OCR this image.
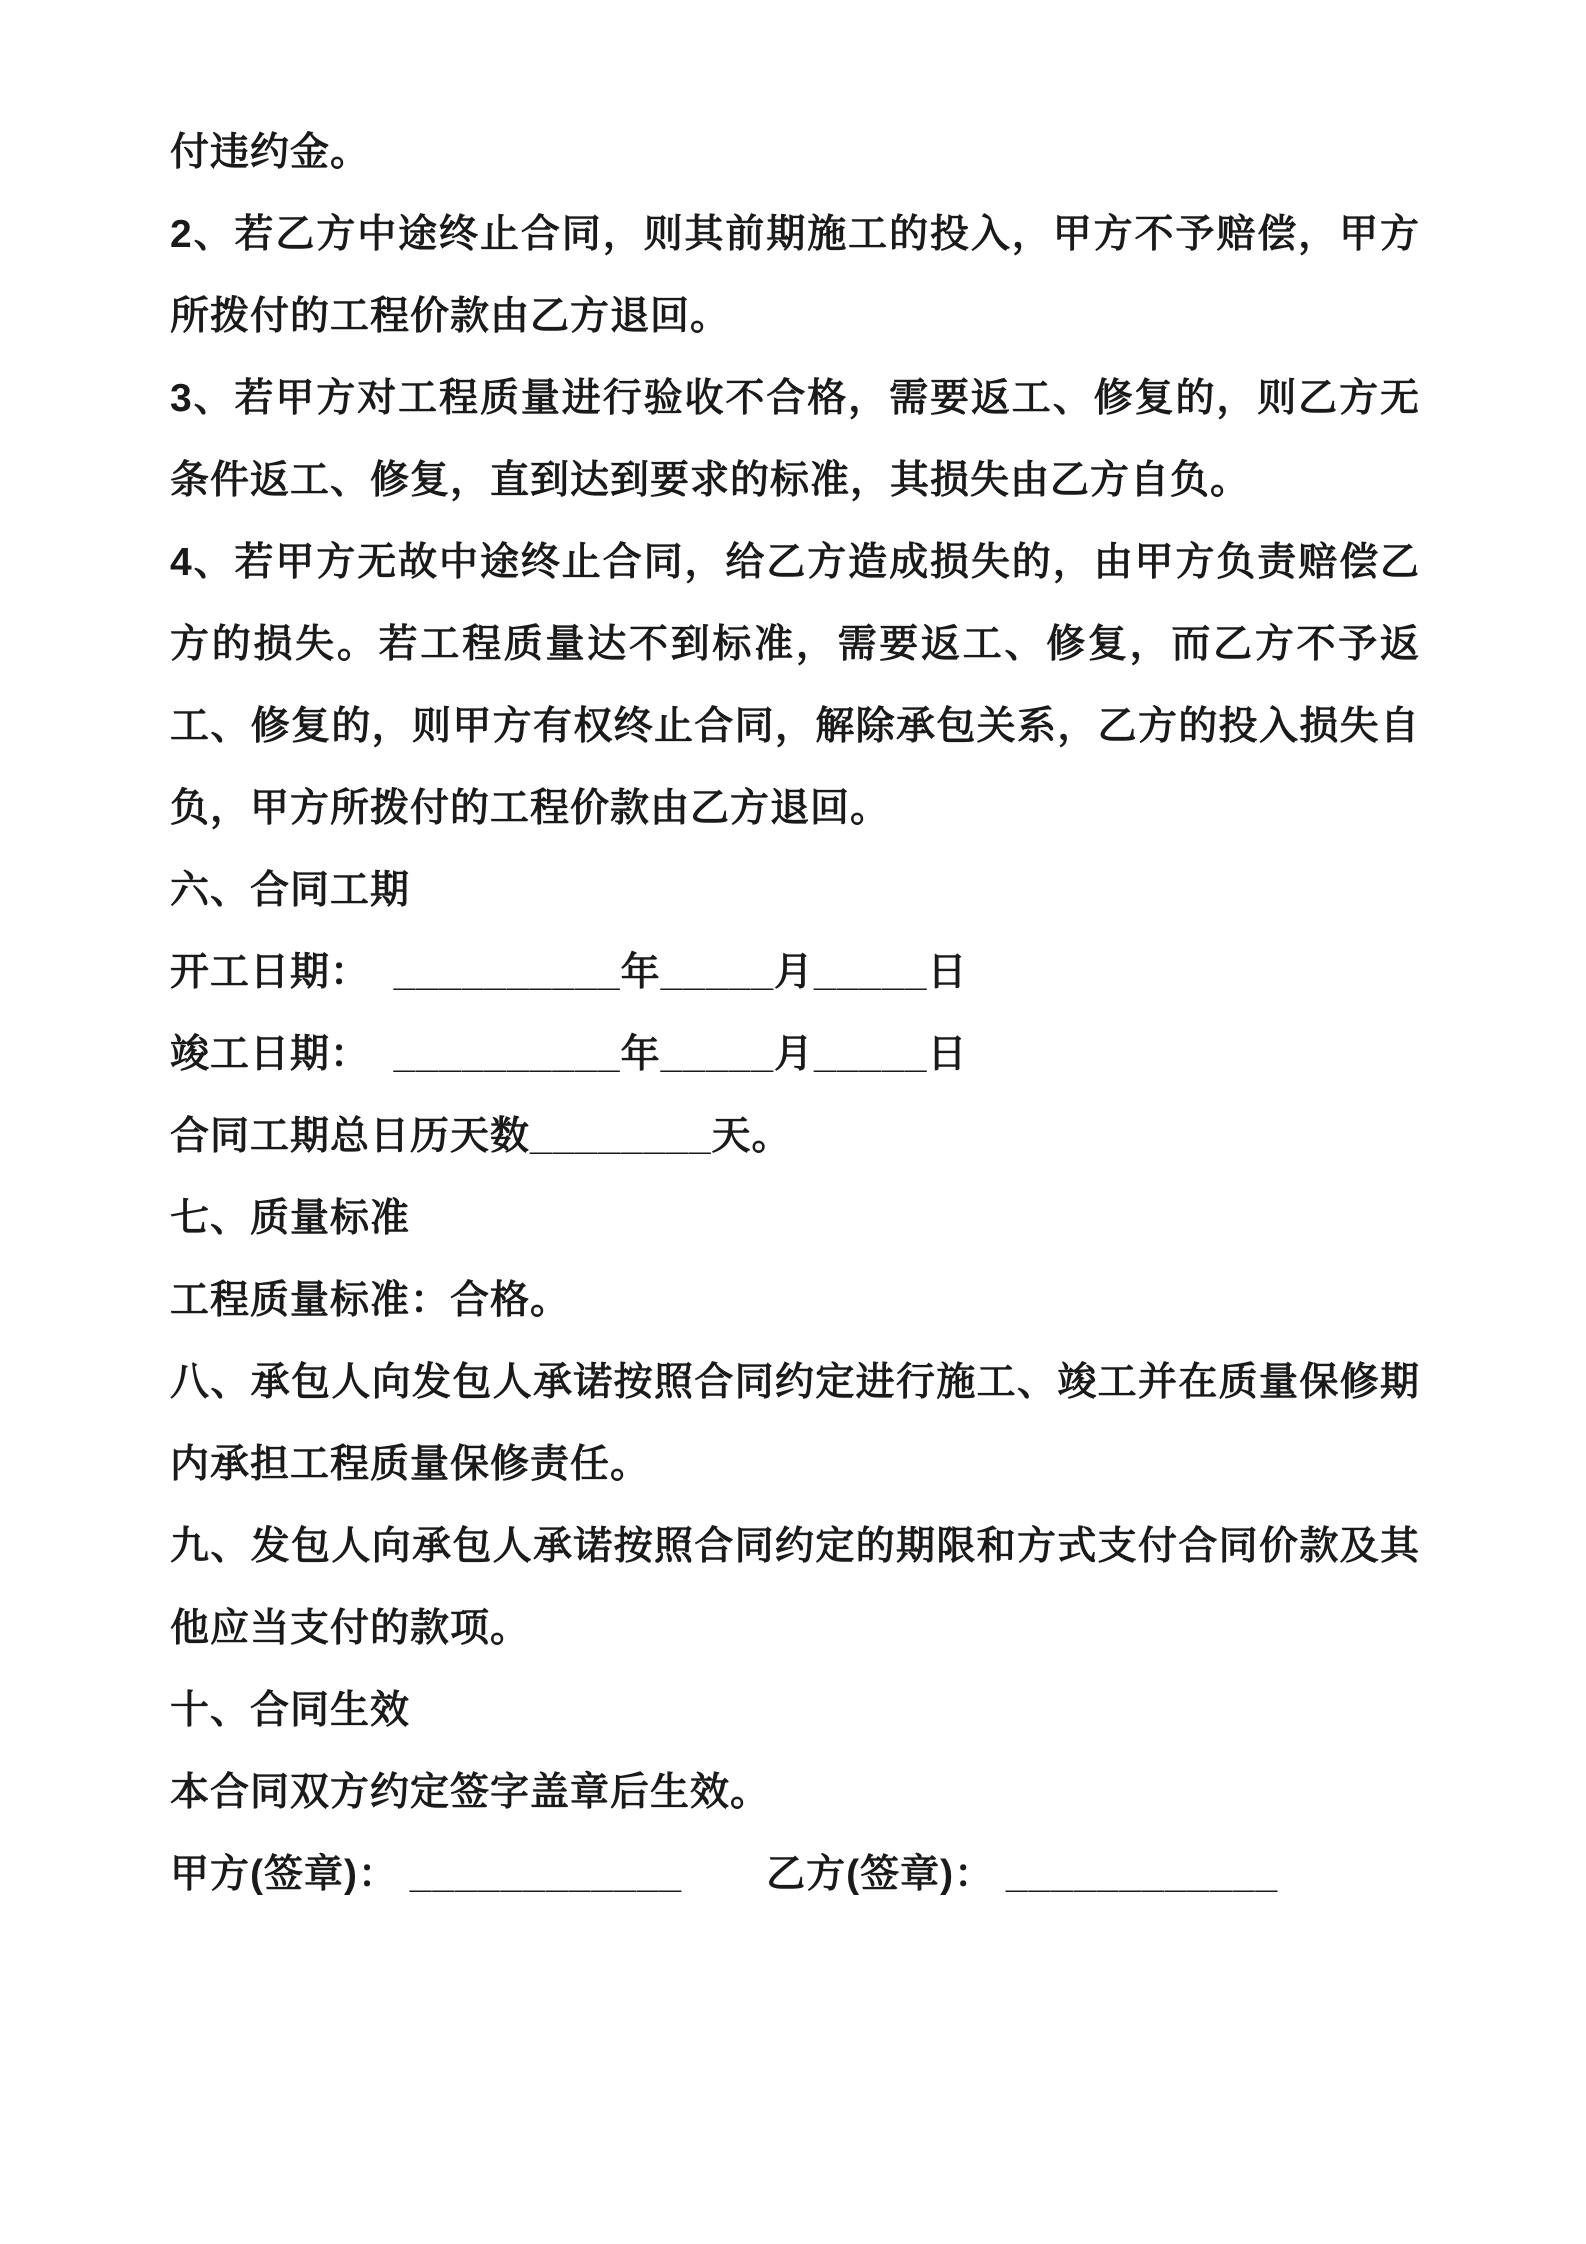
付违约金。

2、若乙方中途终止合同，则其前期施工的投入，甲方不予赔偿，甲方所拨付的工程价款由乙方退回。

3、若甲方对工程质量进行验收不合格，需要返工、修复的，则乙方无条件返工、修复，直到达到要求的标准，其损失由乙方自负。

4、若甲方无故中途终止合同，给乙方造成损失的，由甲方负责赔偿乙方的损失。若工程质量达不到标准，需要返工、修复，而乙方不予返工、修复的，则甲方有权终止合同，解除承包关系，乙方的投入损失自负，甲方所拨付的工程价款由乙方退回。

六、合同工期

开工日期：  __________年_____月_____日

竣工日期：  __________年_____月_____日

合同工期总日历天数________天。

七、质量标准

工程质量标准：合格。

八、承包人向发包人承诺按照合同约定进行施工、竣工并在质量保修期内承担工程质量保修责任。

九、发包人向承包人承诺按照合同约定的期限和方式支付合同价款及其他应当支付的款项。

十、合同生效

本合同双方约定签字盖章后生效。

甲方(签章)： ____________ 乙方(签章)： ____________
